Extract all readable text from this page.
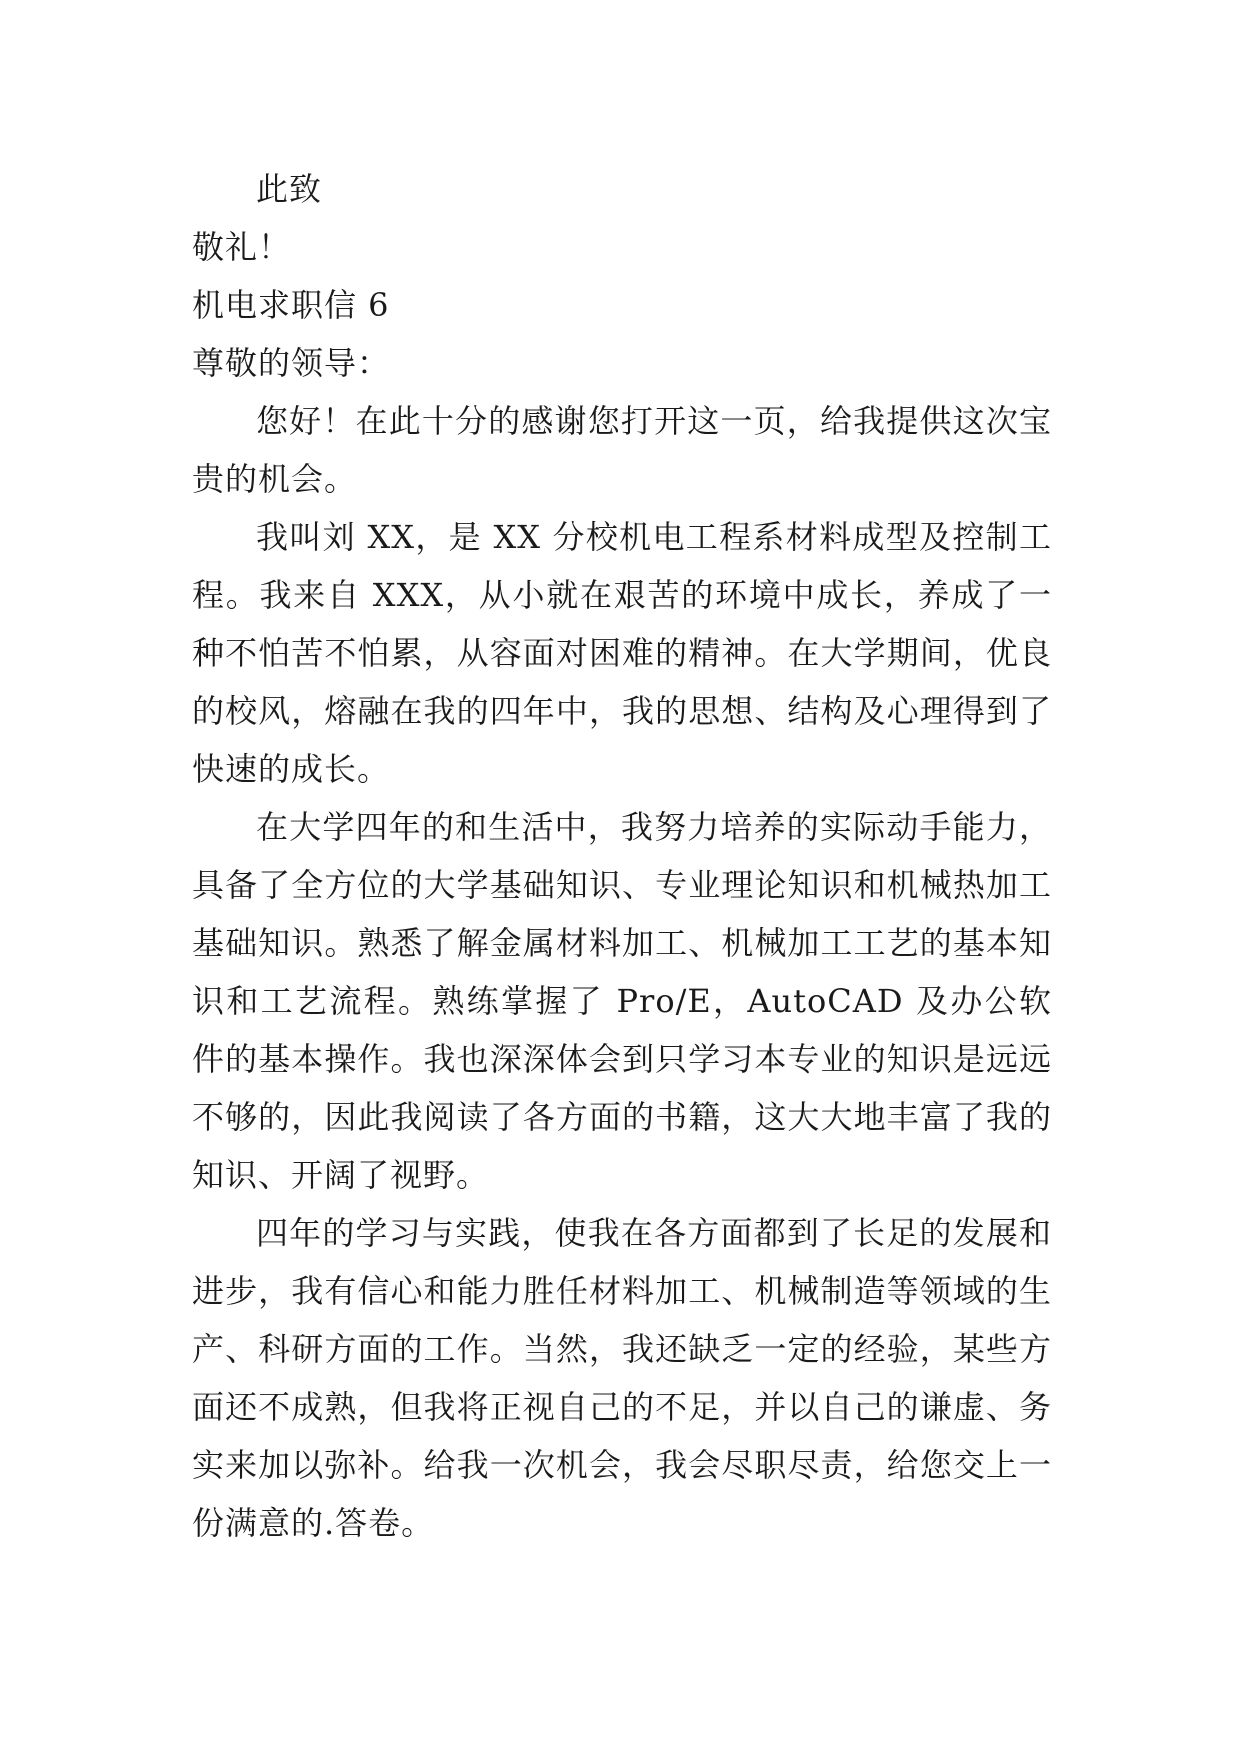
此致

敬礼！

机电求职信 6

尊敬的领导：

您好！在此十分的感谢您打开这一页，给我提供这次宝贵的机会。

我叫刘 XX，是 XX 分校机电工程系材料成型及控制工程。我来自 XXX，从小就在艰苦的环境中成长，养成了一种不怕苦不怕累，从容面对困难的精神。在大学期间，优良的校风，熔融在我的四年中，我的思想、结构及心理得到了快速的成长。

在大学四年的和生活中，我努力培养的实际动手能力，具备了全方位的大学基础知识、专业理论知识和机械热加工基础知识。熟悉了解金属材料加工、机械加工工艺的基本知识和工艺流程。熟练掌握了 Pro/E，AutoCAD 及办公软件的基本操作。我也深深体会到只学习本专业的知识是远远不够的，因此我阅读了各方面的书籍，这大大地丰富了我的知识、开阔了视野。

四年的学习与实践，使我在各方面都到了长足的发展和进步，我有信心和能力胜任材料加工、机械制造等领域的生产、科研方面的工作。当然，我还缺乏一定的经验，某些方面还不成熟，但我将正视自己的不足，并以自己的谦虚、务实来加以弥补。给我一次机会，我会尽职尽责，给您交上一份满意的.答卷。
